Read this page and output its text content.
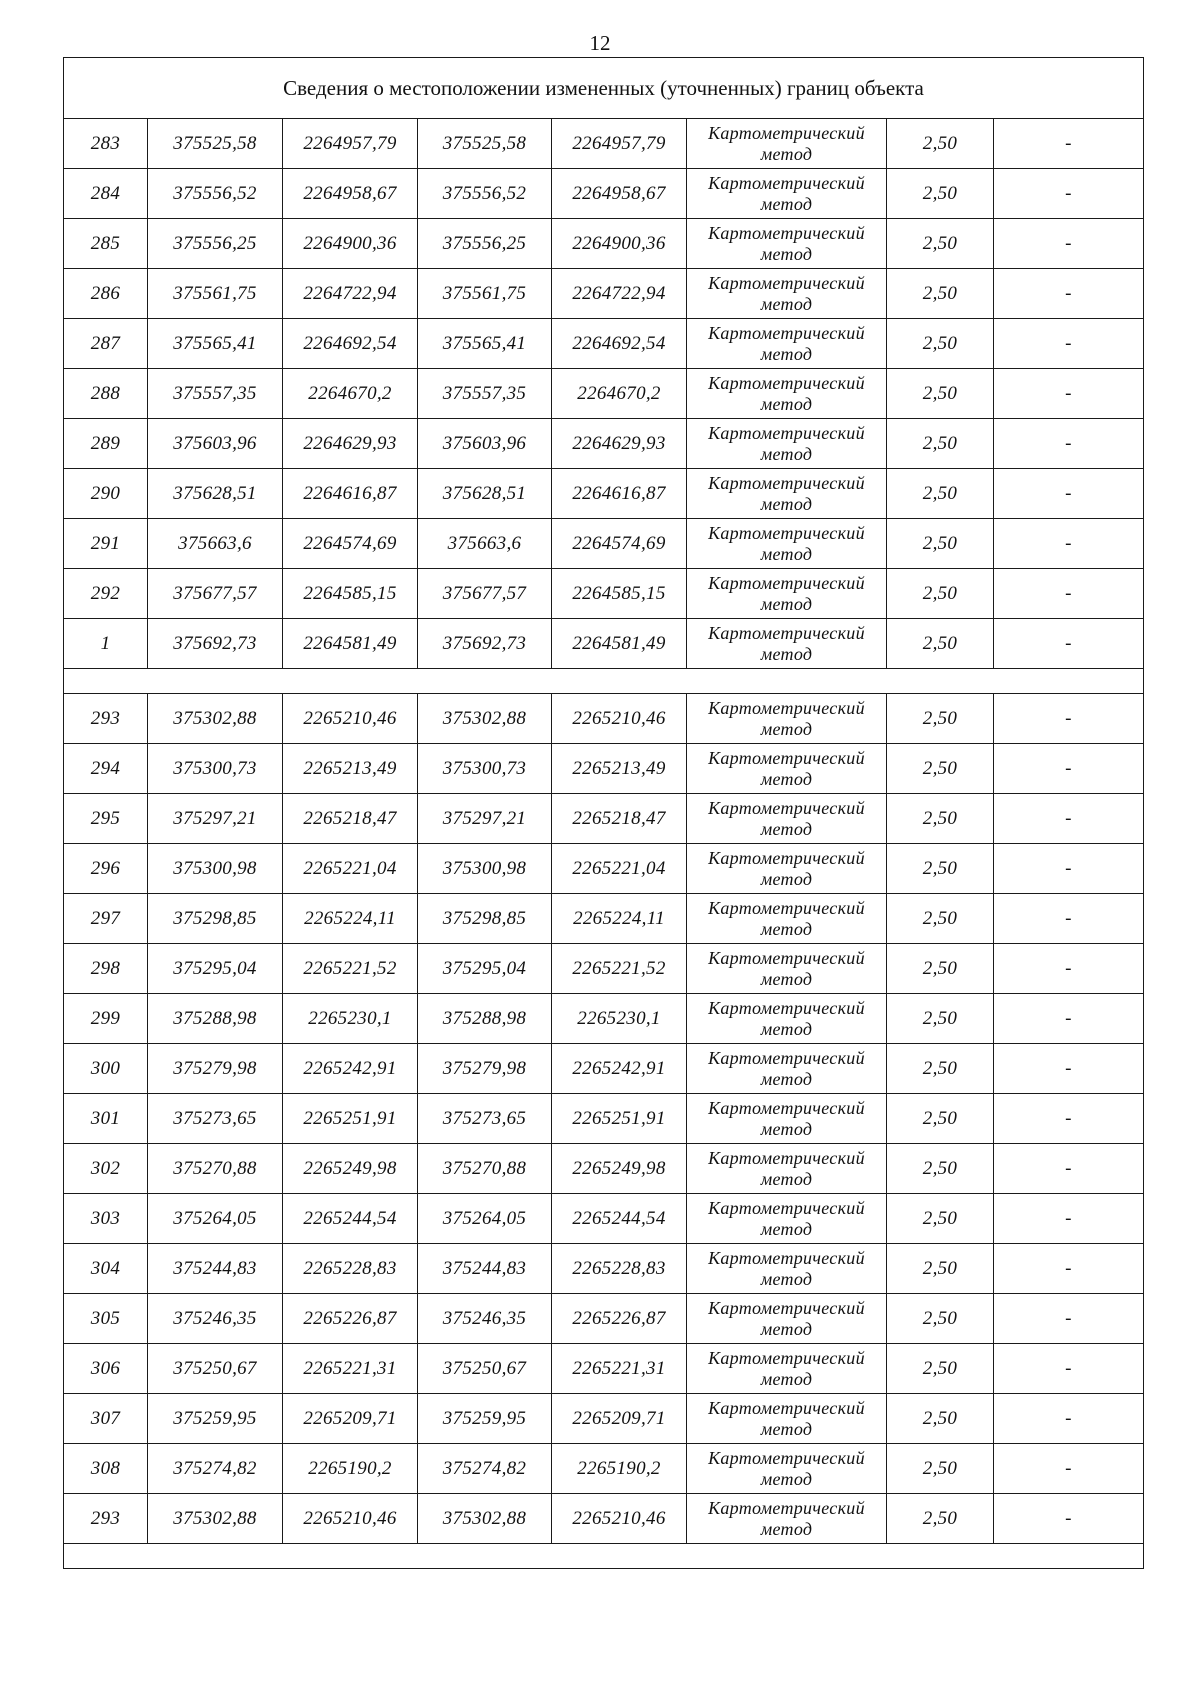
12
Сведения о местоположении измененных (уточненных) границ объекта							
283	375525,58	2264957,79	375525,58	2264957,79	Картометрический метод	2,50	-
284	375556,52	2264958,67	375556,52	2264958,67	Картометрический метод	2,50	-
285	375556,25	2264900,36	375556,25	2264900,36	Картометрический метод	2,50	-
286	375561,75	2264722,94	375561,75	2264722,94	Картометрический метод	2,50	-
287	375565,41	2264692,54	375565,41	2264692,54	Картометрический метод	2,50	-
288	375557,35	2264670,2	375557,35	2264670,2	Картометрический метод	2,50	-
289	375603,96	2264629,93	375603,96	2264629,93	Картометрический метод	2,50	-
290	375628,51	2264616,87	375628,51	2264616,87	Картометрический метод	2,50	-
291	375663,6	2264574,69	375663,6	2264574,69	Картометрический метод	2,50	-
292	375677,57	2264585,15	375677,57	2264585,15	Картометрический метод	2,50	-
1	375692,73	2264581,49	375692,73	2264581,49	Картометрический метод	2,50	-

293	375302,88	2265210,46	375302,88	2265210,46	Картометрический метод	2,50	-
294	375300,73	2265213,49	375300,73	2265213,49	Картометрический метод	2,50	-
295	375297,21	2265218,47	375297,21	2265218,47	Картометрический метод	2,50	-
296	375300,98	2265221,04	375300,98	2265221,04	Картометрический метод	2,50	-
297	375298,85	2265224,11	375298,85	2265224,11	Картометрический метод	2,50	-
298	375295,04	2265221,52	375295,04	2265221,52	Картометрический метод	2,50	-
299	375288,98	2265230,1	375288,98	2265230,1	Картометрический метод	2,50	-
300	375279,98	2265242,91	375279,98	2265242,91	Картометрический метод	2,50	-
301	375273,65	2265251,91	375273,65	2265251,91	Картометрический метод	2,50	-
302	375270,88	2265249,98	375270,88	2265249,98	Картометрический метод	2,50	-
303	375264,05	2265244,54	375264,05	2265244,54	Картометрический метод	2,50	-
304	375244,83	2265228,83	375244,83	2265228,83	Картометрический метод	2,50	-
305	375246,35	2265226,87	375246,35	2265226,87	Картометрический метод	2,50	-
306	375250,67	2265221,31	375250,67	2265221,31	Картометрический метод	2,50	-
307	375259,95	2265209,71	375259,95	2265209,71	Картометрический метод	2,50	-
308	375274,82	2265190,2	375274,82	2265190,2	Картометрический метод	2,50	-
293	375302,88	2265210,46	375302,88	2265210,46	Картометрический метод	2,50	-
